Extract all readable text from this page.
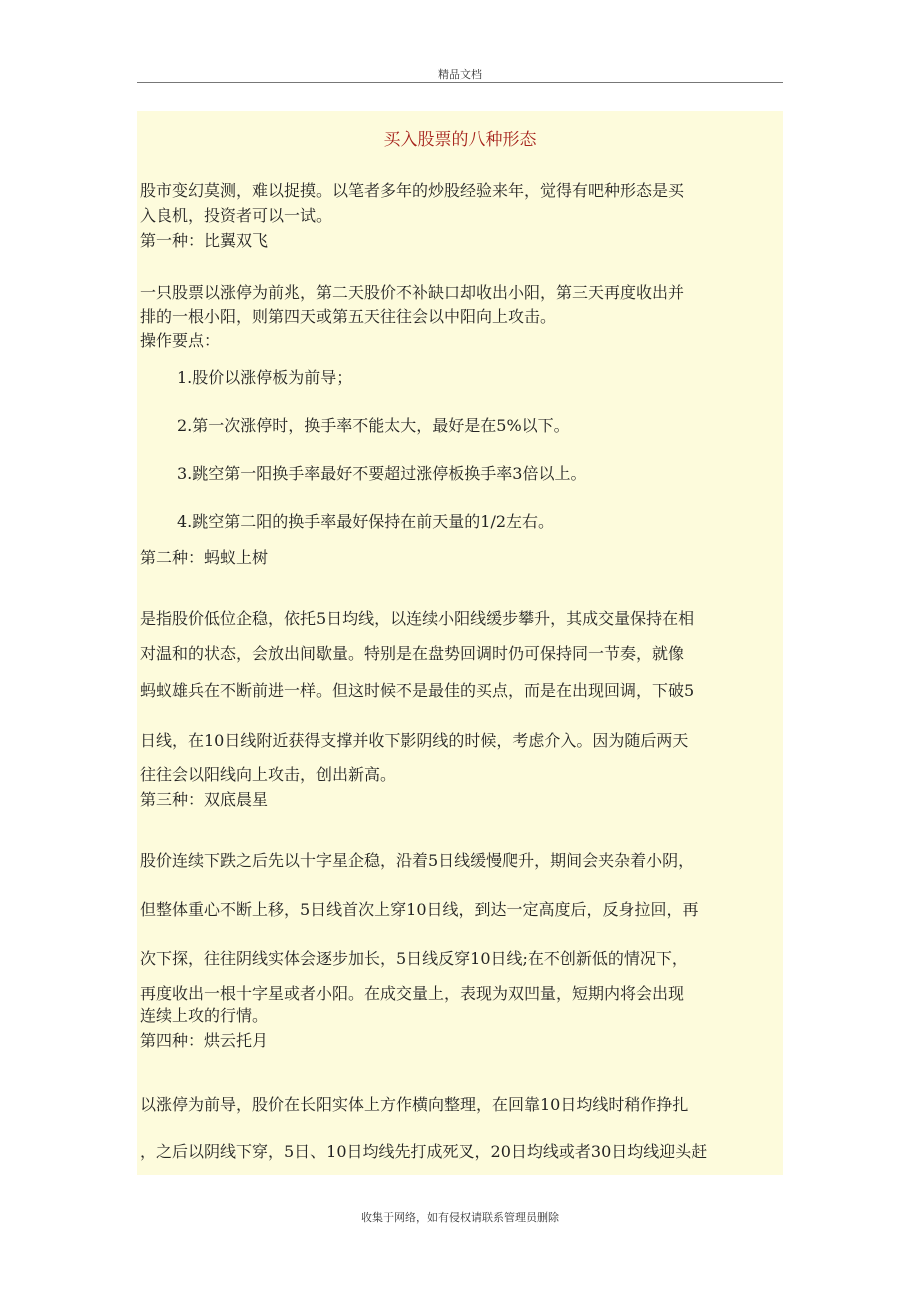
精品文档
买入股票的八种形态
股市变幻莫测，难以捉摸。以笔者多年的炒股经验来年，觉得有吧种形态是买
入良机，投资者可以一试。
第一种：比翼双飞
一只股票以涨停为前兆，第二天股价不补缺口却收出小阳，第三天再度收出并
排的一根小阳，则第四天或第五天往往会以中阳向上攻击。
操作要点：
1.股价以涨停板为前导；
2.第一次涨停时，换手率不能太大，最好是在5%以下。
3.跳空第一阳换手率最好不要超过涨停板换手率3倍以上。
4.跳空第二阳的换手率最好保持在前天量的1/2左右。
第二种：蚂蚁上树
是指股价低位企稳，依托5日均线，以连续小阳线缓步攀升，其成交量保持在相
对温和的状态，会放出间歇量。特别是在盘势回调时仍可保持同一节奏，就像
蚂蚁雄兵在不断前进一样。但这时候不是最佳的买点，而是在出现回调，下破5
日线，在10日线附近获得支撑并收下影阴线的时候，考虑介入。因为随后两天
往往会以阳线向上攻击，创出新高。
第三种：双底晨星
股价连续下跌之后先以十字星企稳，沿着5日线缓慢爬升，期间会夹杂着小阴，
但整体重心不断上移，5日线首次上穿10日线，到达一定高度后，反身拉回，再
次下探，往往阴线实体会逐步加长，5日线反穿10日线;在不创新低的情况下，
再度收出一根十字星或者小阳。在成交量上，表现为双凹量，短期内将会出现
连续上攻的行情。
第四种：烘云托月
以涨停为前导，股价在长阳实体上方作横向整理，在回靠10日均线时稍作挣扎
，之后以阴线下穿，5日、10日均线先打成死叉，20日均线或者30日均线迎头赶
收集于网络，如有侵权请联系管理员删除
